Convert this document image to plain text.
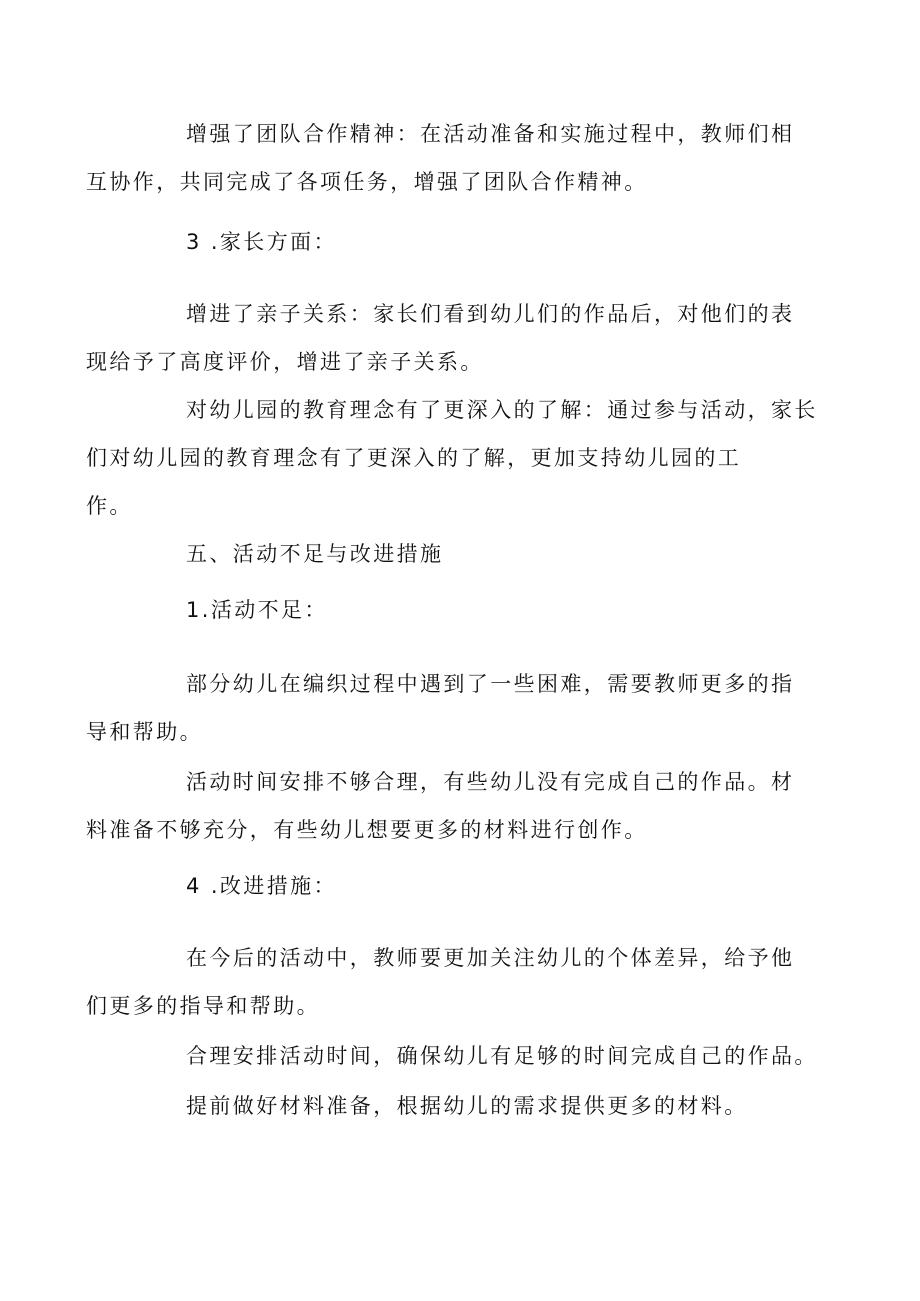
增强了团队合作精神：在活动准备和实施过程中，教师们相
互协作，共同完成了各项任务，增强了团队合作精神。
3 .家长方面：
增进了亲子关系：家长们看到幼儿们的作品后，对他们的表
现给予了高度评价，增进了亲子关系。
对幼儿园的教育理念有了更深入的了解：通过参与活动，家长
们对幼儿园的教育理念有了更深入的了解，更加支持幼儿园的工
作。
五、活动不足与改进措施
1.活动不足：
部分幼儿在编织过程中遇到了一些困难，需要教师更多的指
导和帮助。
活动时间安排不够合理，有些幼儿没有完成自己的作品。材
料准备不够充分，有些幼儿想要更多的材料进行创作。
4 .改进措施：
在今后的活动中，教师要更加关注幼儿的个体差异，给予他
们更多的指导和帮助。
合理安排活动时间，确保幼儿有足够的时间完成自己的作品。
提前做好材料准备，根据幼儿的需求提供更多的材料。
